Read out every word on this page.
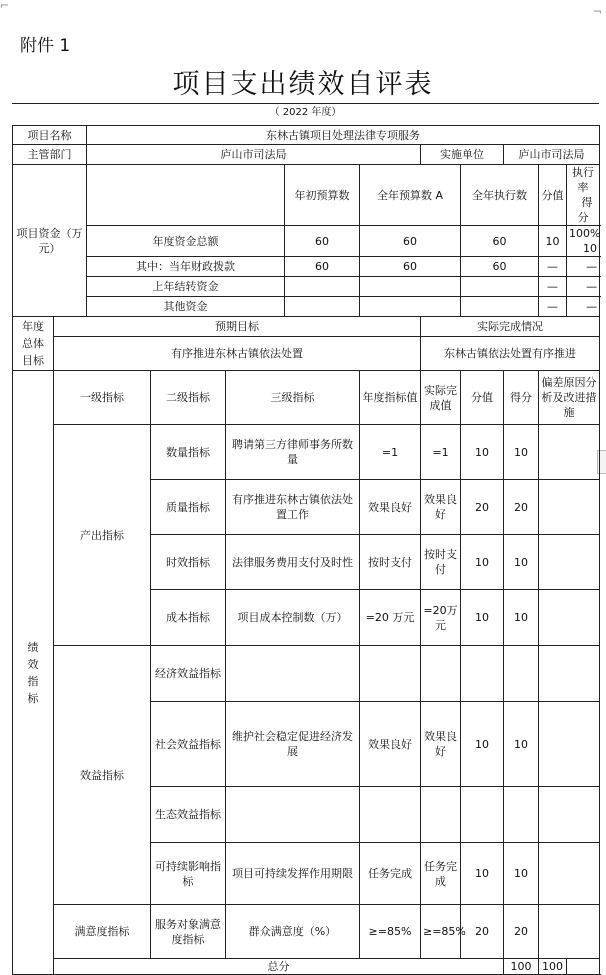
⌐	¬
附件 1
项目支出绩效自评表
（ 2022 年度）
项目名称		东林古镇项目处理法律专项服务									
主管部门		庐山市司法局					实施单位		庐山市司法局		
项目资金（万元）					年初预算数	全年预算数 A		全年执行数		分值	执行率 得分
		年度资金总额			60	60		60		10	100% 10
		其中：当年财政拨款			60	60		60		—	—
		上年结转资金								—	—
		其他资金								—	—
年度总体目标	预期目标						实际完成情况				
	有序推进东林古镇依法处置						东林古镇依法处置有序推进				
绩效指标	一级指标		二级指标	三级指标		年度指标值	实际完成值	分值	得分	偏差原因分析及改进措施	
	产出指标		数量指标	聘请第三方律师事务所数量		=1	=1	10	10		
			质量指标	有序推进东林古镇依法处置工作		效果良好	效果良好	20	20		
			时效指标	法律服务费用支付及时性		按时支付	按时支付	10	10		
			成本指标	项目成本控制数（万）		=20 万元	=20万元	10	10		
	效益指标		经济效益指标								
			社会效益指标	维护社会稳定促进经济发展		效果良好	效果良好	10	10		
			生态效益指标								
			可持续影响指标	项目可持续发挥作用期限		任务完成	任务完成	10	10		
	满意度指标		服务对象满意度指标	群众满意度（%）		≥=85%	≥=85%	20	20		
	总分								100	100	
